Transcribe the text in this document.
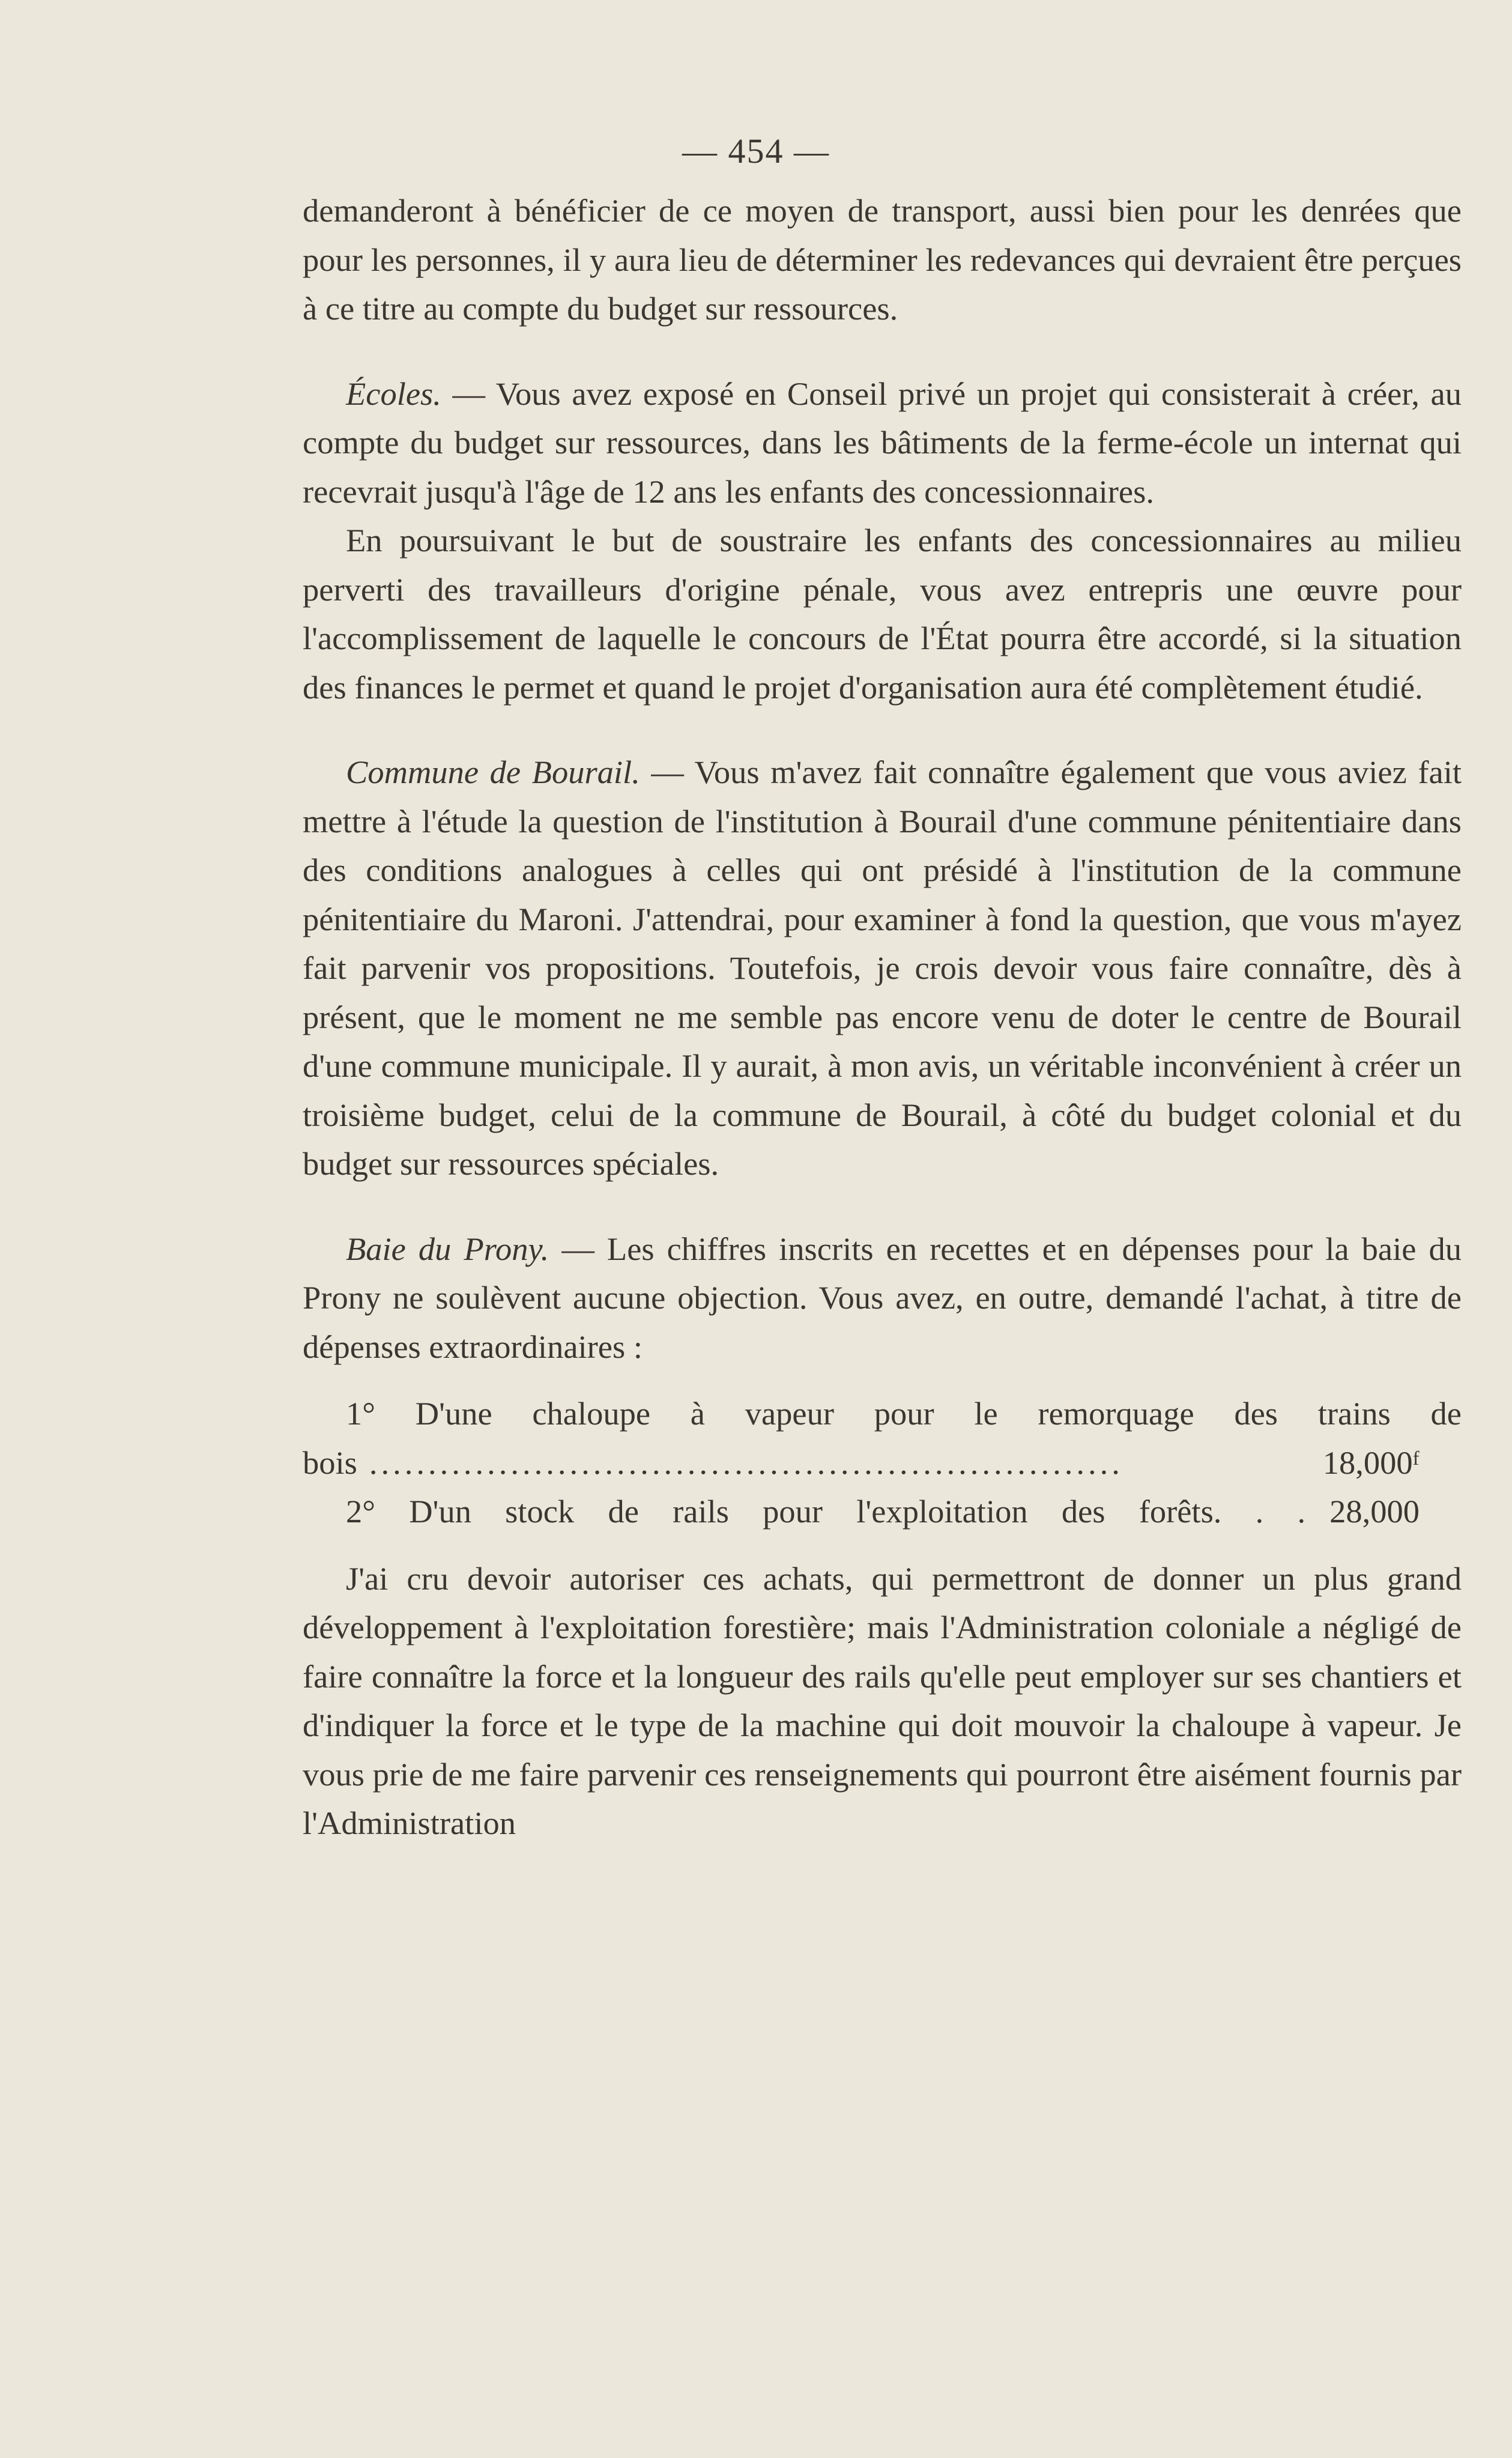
— 454 —

demanderont à bénéficier de ce moyen de transport, aussi bien pour les denrées que pour les personnes, il y aura lieu de déterminer les redevances qui devraient être perçues à ce titre au compte du budget sur ressources.

Écoles. — Vous avez exposé en Conseil privé un projet qui consisterait à créer, au compte du budget sur ressources, dans les bâtiments de la ferme-école un internat qui recevrait jusqu'à l'âge de 12 ans les enfants des concessionnaires.

En poursuivant le but de soustraire les enfants des concessionnaires au milieu perverti des travailleurs d'origine pénale, vous avez entrepris une œuvre pour l'accomplissement de laquelle le concours de l'État pourra être accordé, si la situation des finances le permet et quand le projet d'organisation aura été complètement étudié.

Commune de Bourail. — Vous m'avez fait connaître également que vous aviez fait mettre à l'étude la question de l'institution à Bourail d'une commune pénitentiaire dans des conditions analogues à celles qui ont présidé à l'institution de la commune pénitentiaire du Maroni. J'attendrai, pour examiner à fond la question, que vous m'ayez fait parvenir vos propositions. Toutefois, je crois devoir vous faire connaître, dès à présent, que le moment ne me semble pas encore venu de doter le centre de Bourail d'une commune municipale. Il y aurait, à mon avis, un véritable inconvénient à créer un troisième budget, celui de la commune de Bourail, à côté du budget colonial et du budget sur ressources spéciales.

Baie du Prony. — Les chiffres inscrits en recettes et en dépenses pour la baie du Prony ne soulèvent aucune objection. Vous avez, en outre, demandé l'achat, à titre de dépenses extraordinaires :

1° D'une chaloupe à vapeur pour le remorquage des trains de

bois ................................................................	18,000ᶠ
2° D'un stock de rails pour l'exploitation des forêts. . . 28,000

J'ai cru devoir autoriser ces achats, qui permettront de donner un plus grand développement à l'exploitation forestière; mais l'Administration coloniale a négligé de faire connaître la force et la longueur des rails qu'elle peut employer sur ses chantiers et d'indiquer la force et le type de la machine qui doit mouvoir la chaloupe à vapeur. Je vous prie de me faire parvenir ces renseignements qui pourront être aisément fournis par l'Administration
